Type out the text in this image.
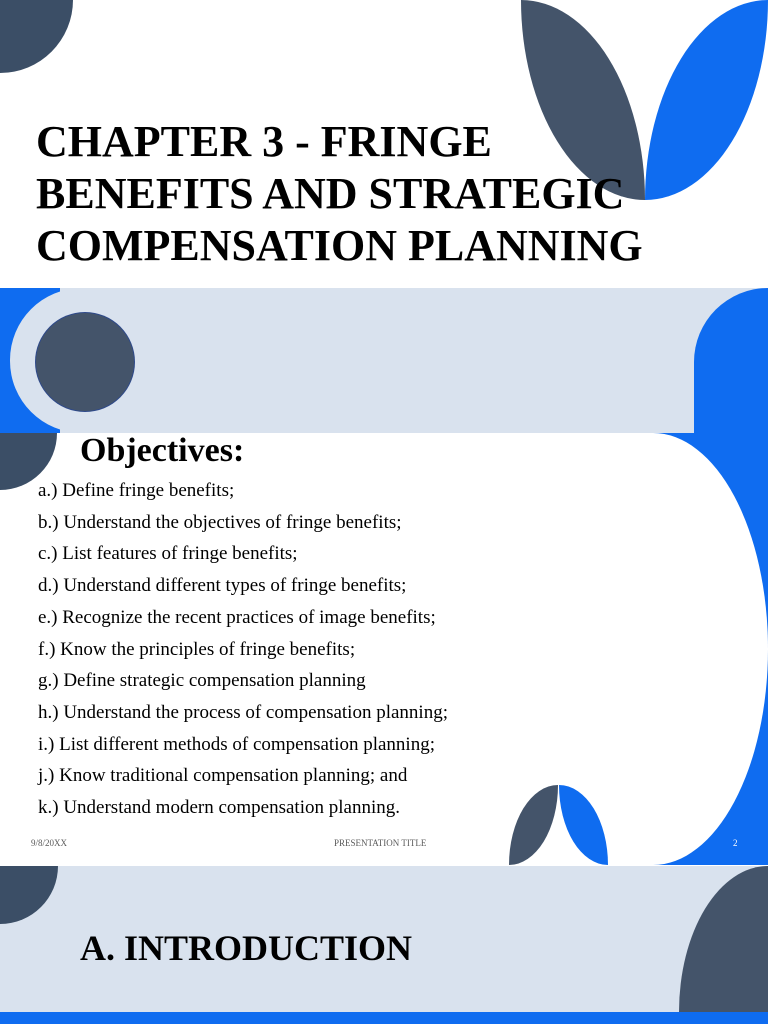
CHAPTER 3 - FRINGE
BENEFITS AND STRATEGIC
COMPENSATION PLANNING
Objectives:
a.) Define fringe benefits;
b.) Understand the objectives of fringe benefits;
c.) List features of fringe benefits;
d.) Understand different types of fringe benefits;
e.) Recognize the recent practices of image benefits;
f.) Know the principles of fringe benefits;
g.) Define strategic compensation planning
h.) Understand the process of compensation planning;
i.) List different methods of compensation planning;
j.) Know traditional compensation planning; and
k.) Understand modern compensation planning.
9/8/20XX	PRESENTATION TITLE	2
A. INTRODUCTION
